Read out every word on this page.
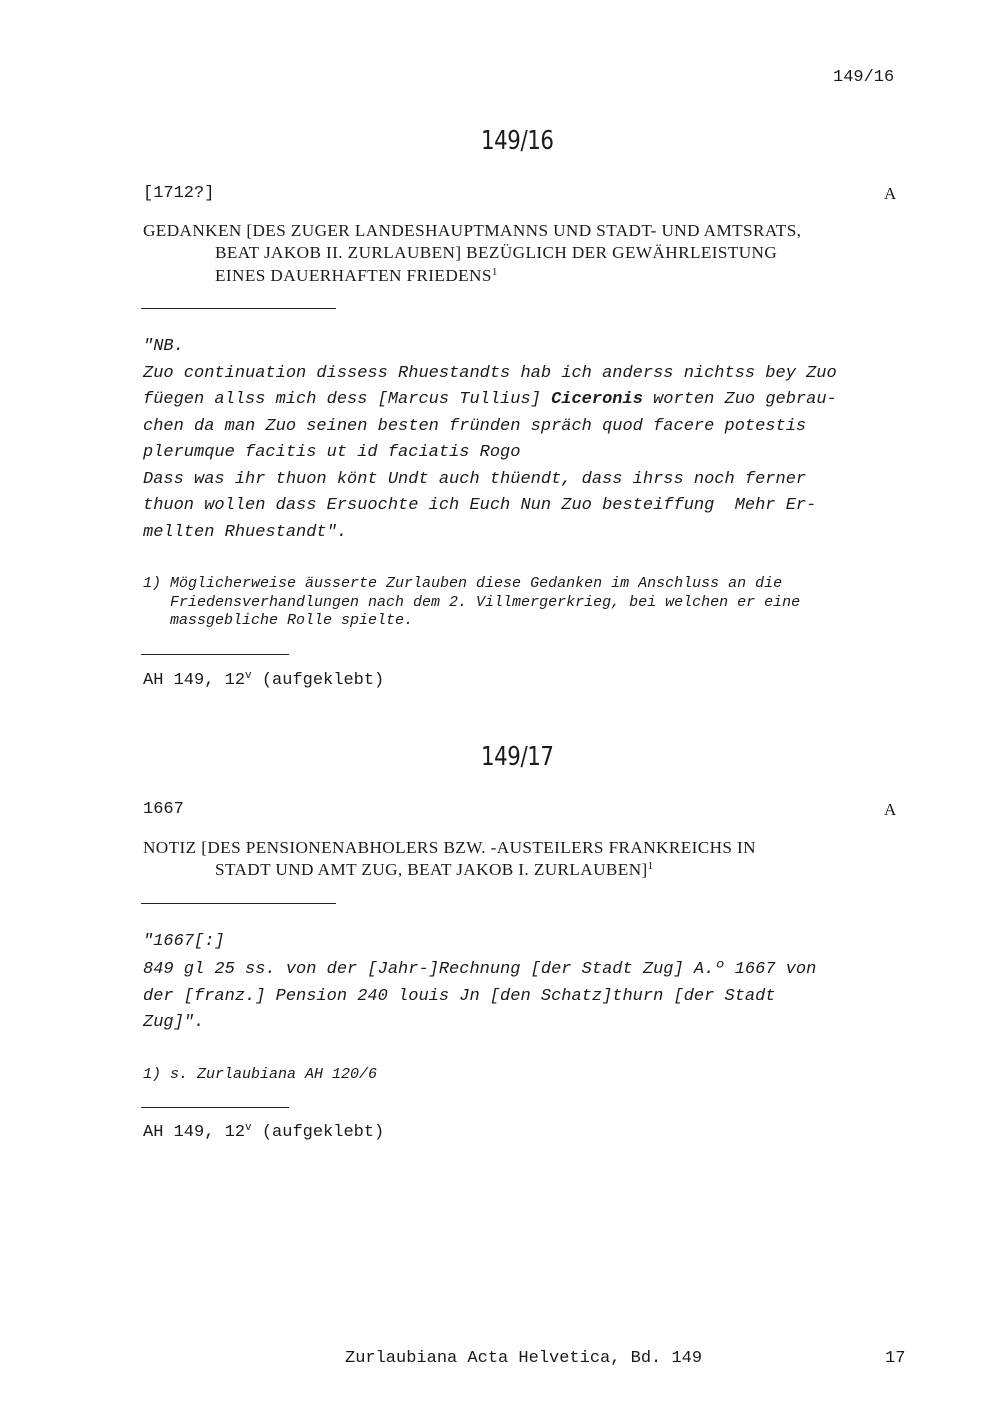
149/16
149/16
[1712?]	A
GEDANKEN [DES ZUGER LANDESHAUPTMANNS UND STADT- UND AMTSRATS,
BEAT JAKOB II. ZURLAUBEN] BEZÜGLICH DER GEWÄHRLEISTUNG
EINES DAUERHAFTEN FRIEDENS$^1$
"NB.
Zuo continuation dissess Rhuestandts hab ich anderss nichtss bey Zuo
füegen allss mich dess [Marcus Tullius] Ciceronis worten Zuo gebrau-
chen da man Zuo seinen besten fründen spräch quod facere potestis
plerumque facitis ut id faciatis Rogo
Dass was ihr thuon könt Undt auch thüendt, dass ihrss noch ferner
thuon wollen dass Ersuochte ich Euch Nun Zuo besteiffung  Mehr Er-
mellten Rhuestandt".
1) Möglicherweise äusserte Zurlauben diese Gedanken im Anschluss an die
Friedensverhandlungen nach dem 2. Villmergerkrieg, bei welchen er eine
massgebliche Rolle spielte.
AH 149, 12$^v$ (aufgeklebt)
149/17
1667	A
NOTIZ [DES PENSIONENABHOLERS BZW. -AUSTEILERS FRANKREICHS IN
STADT UND AMT ZUG, BEAT JAKOB I. ZURLAUBEN]$^1$
"1667[:]
849 gl 25 ss. von der [Jahr-]Rechnung [der Stadt Zug] A.º 1667 von
der [franz.] Pension 240 louis Jn [den Schatz]thurn [der Stadt
Zug]".
1) s. Zurlaubiana AH 120/6
AH 149, 12$^v$ (aufgeklebt)
Zurlaubiana Acta Helvetica, Bd. 149	17
